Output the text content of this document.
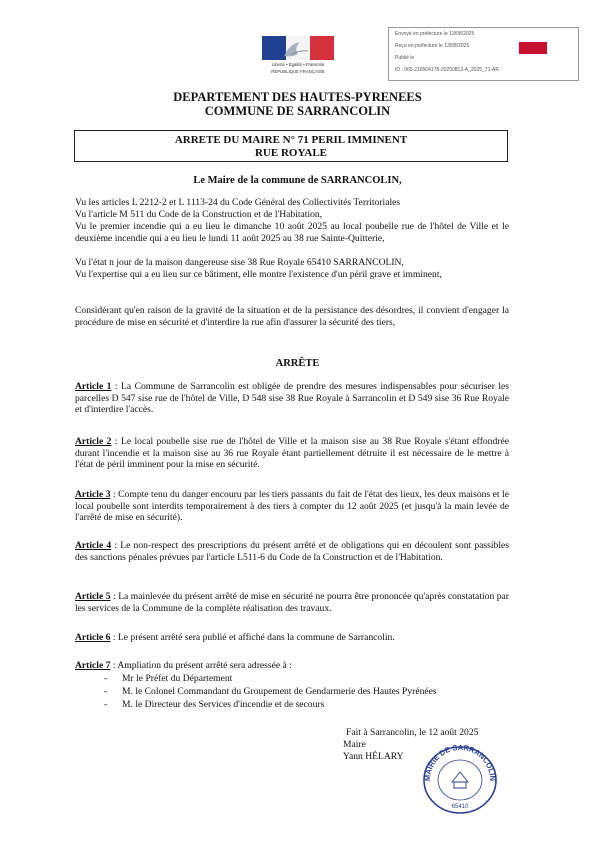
Liberté • Égalité • Fraternité
RÉPUBLIQUE FRANÇAISE
Envoyé en préfecture le 13/08/2025
Reçu en préfecture le 13/08/2025
Publié le
ID : 065-216504178-20250813-A_2025_71-AR
DEPARTEMENT DES HAUTES-PYRENEES
COMMUNE DE SARRANCOLIN
ARRETE DU MAIRE N° 71 PERIL IMMINENT
RUE ROYALE
Le Maire de la commune de SARRANCOLIN,
Vu les articles L 2212-2 et L 1113-24 du Code Général des Collectivités Territoriales
Vu l'article M 511 du Code de la Construction et de l'Habitation,
Vu le premier incendie qui a eu lieu le dimanche 10 août 2025 au local poubelle rue de l'hôtel de Ville et le deuxième incendie qui a eu lieu le lundi 11 août 2025 au 38 rue Sainte-Quitterie,
Vu l'état n jour de la maison dangereuse sise 38 Rue Royale 65410 SARRANCOLIN,
Vu l'expertise qui a eu lieu sur ce bâtiment, elle montre l'existence d'un péril grave et imminent,
Considérant qu'en raison de la gravité de la situation et de la persistance des désordres, il convient d'engager la procédure de mise en sécurité et d'interdire la rue afin d'assurer la sécurité des tiers,
ARRÊTE
Article 1 : La Commune de Sarrancolin est obligée de prendre des mesures indispensables pour sécuriser les parcelles D 547 sise rue de l'hôtel de Ville, D 548 sise 38 Rue Royale à Sarrancolin et D 549 sise 36 Rue Royale et d'interdire l'accès.
Article 2 : Le local poubelle sise rue de l'hôtel de Ville et la maison sise au 38 Rue Royale s'étant effondrée durant l'incendie et la maison sise au 36 rue Royale étant partiellement détruite il est nécessaire de le mettre à l'état de péril imminent pour la mise en sécurité.
Article 3 : Compte tenu du danger encouru par les tiers passants du fait de l'état des lieux, les deux maisons et le local poubelle sont interdits temporairement à des tiers à compter du 12 août 2025 (et jusqu'à la main levée de l'arrêté de mise en sécurité).
Article 4 : Le non-respect des prescriptions du présent arrêté et de obligations qui en découlent sont passibles des sanctions pénales prévues par l'article L511-6 du Code de la Construction et de l'Habitation.
Article 5 : La mainlevée du présent arrêté de mise en sécurité ne pourra être prononcée qu'après constatation par les services de la Commune de la complète réalisation des travaux.
Article 6 : Le présent arrêté sera publié et affiché dans la commune de Sarrancolin.
Article 7 : Ampliation du présent arrêté sera adressée à :
- Mr le Préfet du Département
- M. le Colonel Commandant du Groupement de Gendarmerie des Hautes Pyrénées
- M. le Directeur des Services d'incendie et de secours
Fait à Sarrancolin, le 12 août 2025
Maire
Yann HÉLARY
MAIRIE DE SARRANCOLIN
65410
